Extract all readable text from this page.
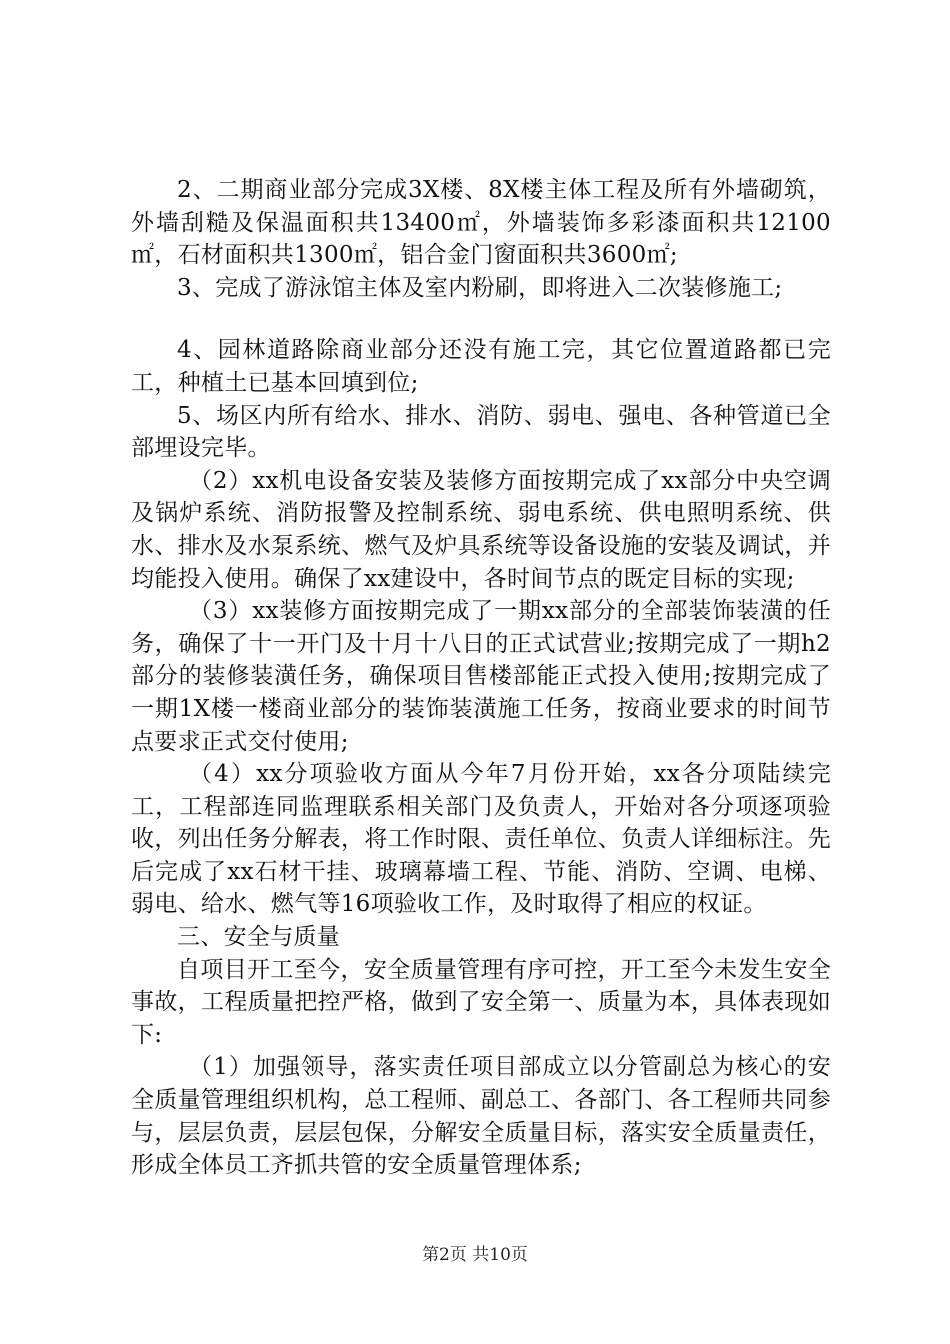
2、二期商业部分完成3X楼、8X楼主体工程及所有外墙砌筑，外墙刮糙及保温面积共13400㎡，外墙装饰多彩漆面积共12100㎡，石材面积共1300㎡，铝合金门窗面积共3600㎡;

3、完成了游泳馆主体及室内粉刷，即将进入二次装修施工;

4、园林道路除商业部分还没有施工完，其它位置道路都已完工，种植土已基本回填到位;

5、场区内所有给水、排水、消防、弱电、强电、各种管道已全部埋设完毕。

（2）xx机电设备安装及装修方面按期完成了xx部分中央空调及锅炉系统、消防报警及控制系统、弱电系统、供电照明系统、供水、排水及水泵系统、燃气及炉具系统等设备设施的安装及调试，并均能投入使用。确保了xx建设中，各时间节点的既定目标的实现;

（3）xx装修方面按期完成了一期xx部分的全部装饰装潢的任务，确保了十一开门及十月十八日的正式试营业;按期完成了一期h2部分的装修装潢任务，确保项目售楼部能正式投入使用;按期完成了一期1X楼一楼商业部分的装饰装潢施工任务，按商业要求的时间节点要求正式交付使用;

（4）xx分项验收方面从今年7月份开始，xx各分项陆续完工，工程部连同监理联系相关部门及负责人，开始对各分项逐项验收，列出任务分解表，将工作时限、责任单位、负责人详细标注。先后完成了xx石材干挂、玻璃幕墙工程、节能、消防、空调、电梯、弱电、给水、燃气等16项验收工作，及时取得了相应的权证。

三、安全与质量

自项目开工至今，安全质量管理有序可控，开工至今未发生安全事故，工程质量把控严格，做到了安全第一、质量为本，具体表现如下:

（1）加强领导，落实责任项目部成立以分管副总为核心的安全质量管理组织机构，总工程师、副总工、各部门、各工程师共同参与，层层负责，层层包保，分解安全质量目标，落实安全质量责任，形成全体员工齐抓共管的安全质量管理体系;

第2页 共10页
